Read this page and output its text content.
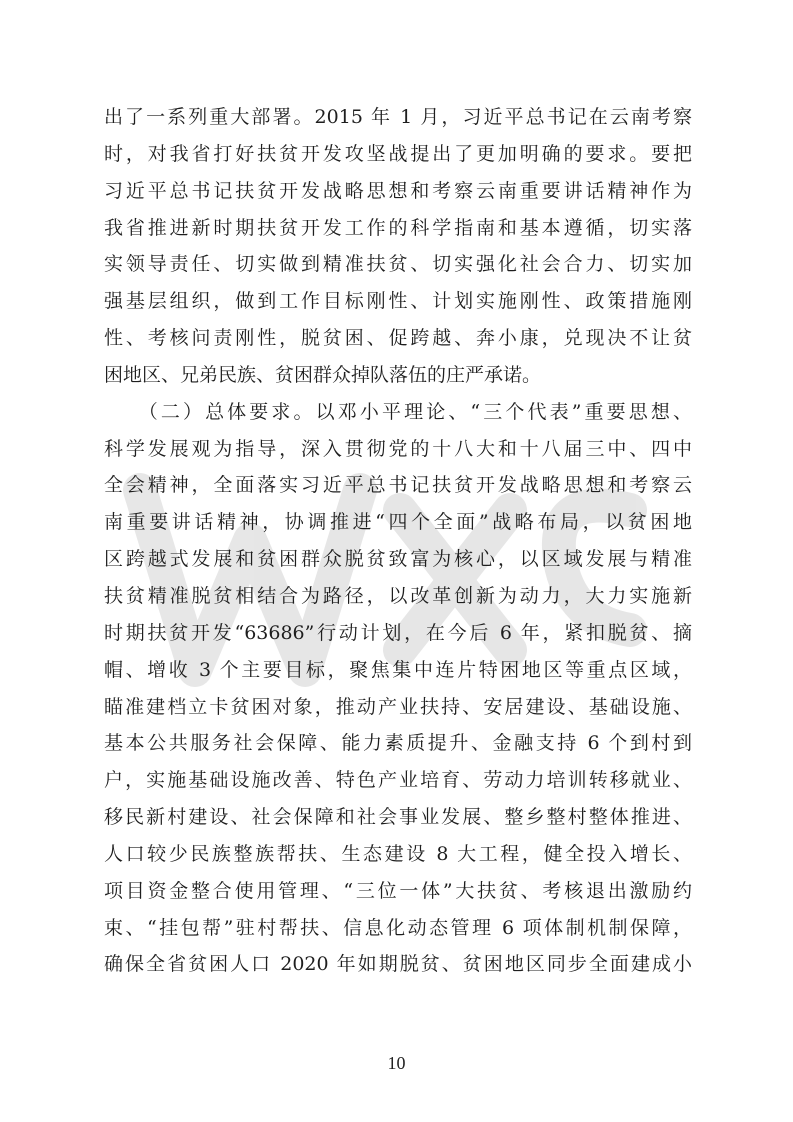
出了一系列重大部署。2015 年 1 月，习近平总书记在云南考察
时，对我省打好扶贫开发攻坚战提出了更加明确的要求。要把
习近平总书记扶贫开发战略思想和考察云南重要讲话精神作为
我省推进新时期扶贫开发工作的科学指南和基本遵循，切实落
实领导责任、切实做到精准扶贫、切实强化社会合力、切实加
强基层组织，做到工作目标刚性、计划实施刚性、政策措施刚
性、考核问责刚性，脱贫困、促跨越、奔小康，兑现决不让贫
困地区、兄弟民族、贫困群众掉队落伍的庄严承诺。
　　（二）总体要求。以邓小平理论、“三个代表”重要思想、
科学发展观为指导，深入贯彻党的十八大和十八届三中、四中
全会精神，全面落实习近平总书记扶贫开发战略思想和考察云
南重要讲话精神，协调推进“四个全面”战略布局，以贫困地
区跨越式发展和贫困群众脱贫致富为核心，以区域发展与精准
扶贫精准脱贫相结合为路径，以改革创新为动力，大力实施新
时期扶贫开发“63686”行动计划，在今后 6 年，紧扣脱贫、摘
帽、增收 3 个主要目标，聚焦集中连片特困地区等重点区域，
瞄准建档立卡贫困对象，推动产业扶持、安居建设、基础设施、
基本公共服务社会保障、能力素质提升、金融支持 6 个到村到
户，实施基础设施改善、特色产业培育、劳动力培训转移就业、
移民新村建设、社会保障和社会事业发展、整乡整村整体推进、
人口较少民族整族帮扶、生态建设 8 大工程，健全投入增长、
项目资金整合使用管理、“三位一体”大扶贫、考核退出激励约
束、“挂包帮”驻村帮扶、信息化动态管理 6 项体制机制保障，
确保全省贫困人口 2020 年如期脱贫、贫困地区同步全面建成小
10
